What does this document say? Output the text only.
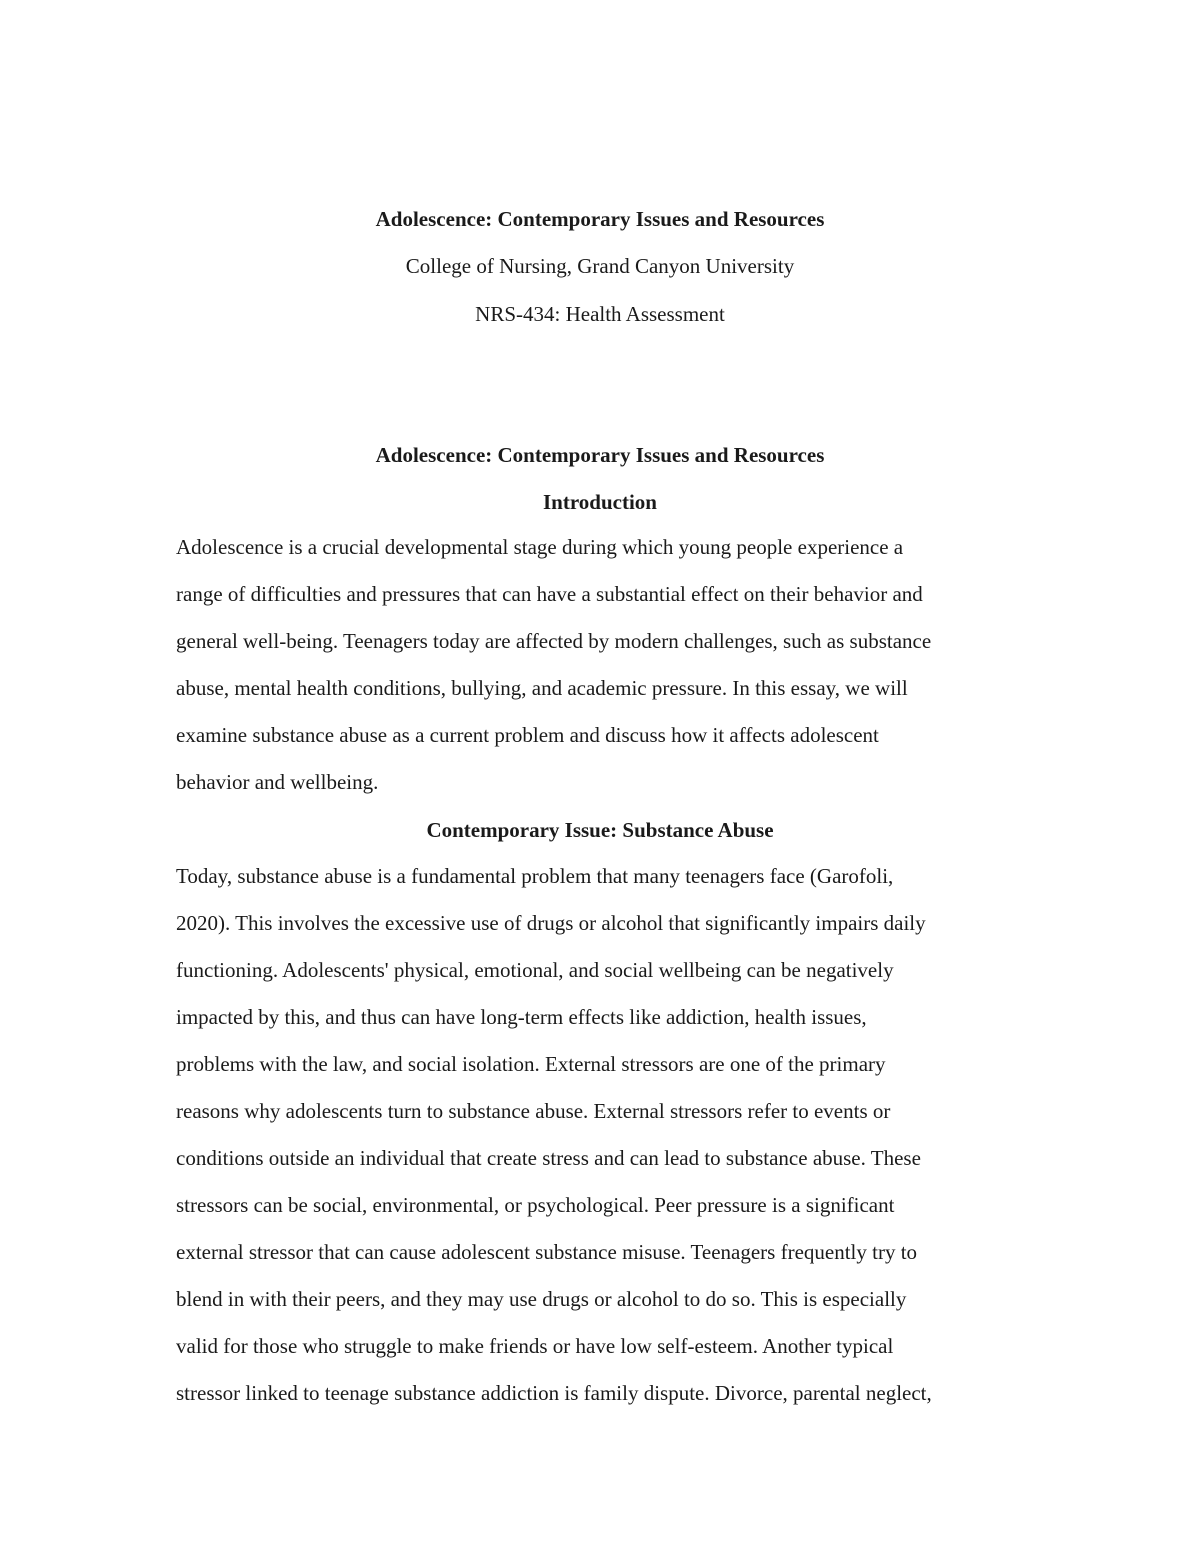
Adolescence: Contemporary Issues and Resources

College of Nursing, Grand Canyon University

NRS-434: Health Assessment

Adolescence: Contemporary Issues and Resources

Introduction

Adolescence is a crucial developmental stage during which young people experience a
range of difficulties and pressures that can have a substantial effect on their behavior and
general well-being. Teenagers today are affected by modern challenges, such as substance
abuse, mental health conditions, bullying, and academic pressure. In this essay, we will
examine substance abuse as a current problem and discuss how it affects adolescent
behavior and wellbeing.

Contemporary Issue: Substance Abuse

Today, substance abuse is a fundamental problem that many teenagers face (Garofoli,
2020). This involves the excessive use of drugs or alcohol that significantly impairs daily
functioning. Adolescents' physical, emotional, and social wellbeing can be negatively
impacted by this, and thus can have long-term effects like addiction, health issues,
problems with the law, and social isolation. External stressors are one of the primary
reasons why adolescents turn to substance abuse. External stressors refer to events or
conditions outside an individual that create stress and can lead to substance abuse. These
stressors can be social, environmental, or psychological. Peer pressure is a significant
external stressor that can cause adolescent substance misuse. Teenagers frequently try to
blend in with their peers, and they may use drugs or alcohol to do so. This is especially
valid for those who struggle to make friends or have low self-esteem. Another typical
stressor linked to teenage substance addiction is family dispute. Divorce, parental neglect,
